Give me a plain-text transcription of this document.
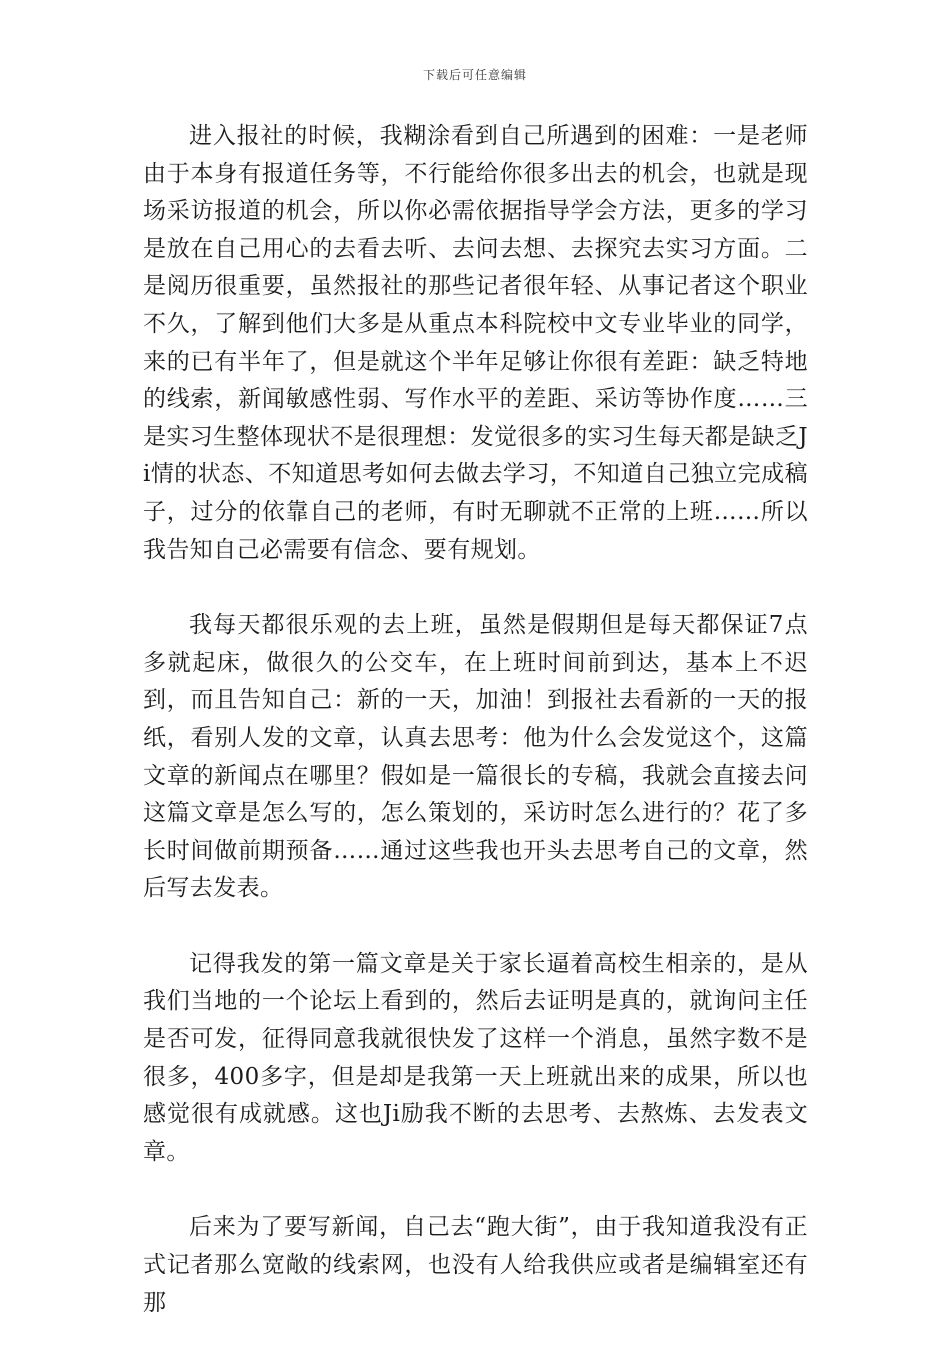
下载后可任意编辑

进入报社的时候，我糊涂看到自己所遇到的困难：一是老师由于本身有报道任务等，不行能给你很多出去的机会，也就是现场采访报道的机会，所以你必需依据指导学会方法，更多的学习是放在自己用心的去看去听、去问去想、去探究去实习方面。二是阅历很重要，虽然报社的那些记者很年轻、从事记者这个职业不久，了解到他们大多是从重点本科院校中文专业毕业的同学，来的已有半年了，但是就这个半年足够让你很有差距：缺乏特地的线索，新闻敏感性弱、写作水平的差距、采访等协作度……三是实习生整体现状不是很理想：发觉很多的实习生每天都是缺乏Ji情的状态、不知道思考如何去做去学习，不知道自己独立完成稿子，过分的依靠自己的老师，有时无聊就不正常的上班……所以我告知自己必需要有信念、要有规划。

我每天都很乐观的去上班，虽然是假期但是每天都保证7点多就起床，做很久的公交车，在上班时间前到达，基本上不迟到，而且告知自己：新的一天，加油！到报社去看新的一天的报纸，看别人发的文章，认真去思考：他为什么会发觉这个，这篇文章的新闻点在哪里？假如是一篇很长的专稿，我就会直接去问这篇文章是怎么写的，怎么策划的，采访时怎么进行的？花了多长时间做前期预备……通过这些我也开头去思考自己的文章，然后写去发表。

记得我发的第一篇文章是关于家长逼着高校生相亲的，是从我们当地的一个论坛上看到的，然后去证明是真的，就询问主任是否可发，征得同意我就很快发了这样一个消息，虽然字数不是很多，400多字，但是却是我第一天上班就出来的成果，所以也感觉很有成就感。这也Ji励我不断的去思考、去熬炼、去发表文章。

后来为了要写新闻，自己去“跑大街”，由于我知道我没有正式记者那么宽敞的线索网，也没有人给我供应或者是编辑室还有那
